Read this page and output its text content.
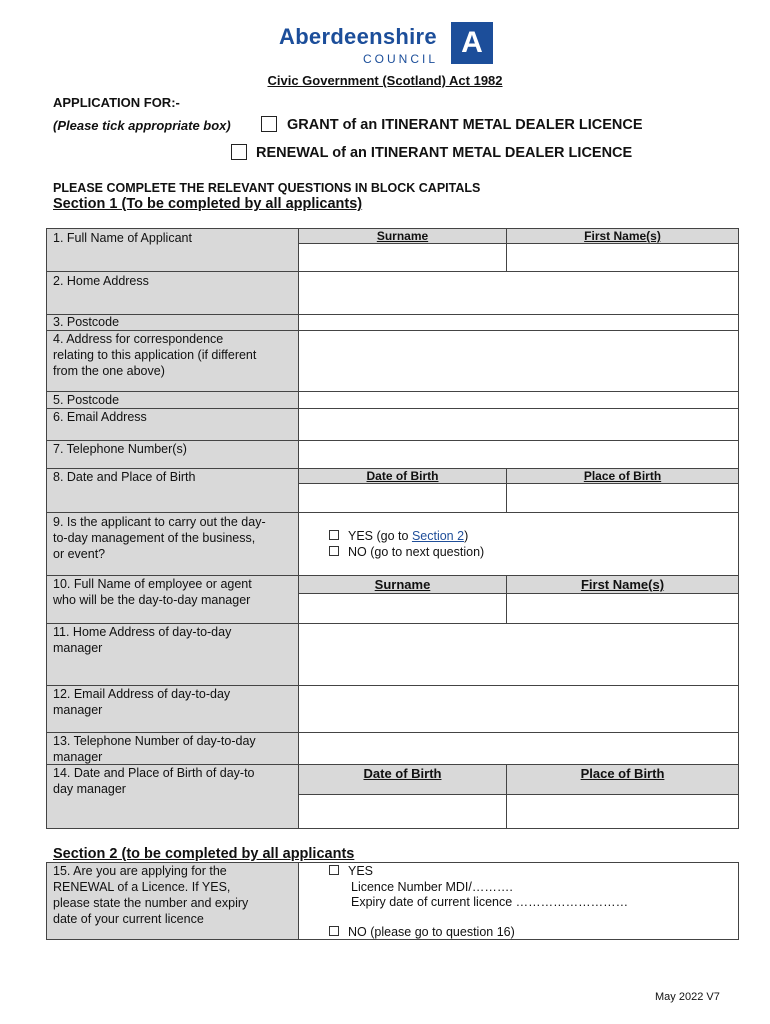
Aberdeenshire
COUNCIL A
Civic Government (Scotland) Act 1982
APPLICATION FOR:-
(Please tick appropriate box)	GRANT of an ITINERANT METAL DEALER LICENCE
RENEWAL of an ITINERANT METAL DEALER LICENCE
PLEASE COMPLETE THE RELEVANT QUESTIONS IN BLOCK CAPITALS
Section 1 (To be completed by all applicants)
1. Full Name of Applicant	Surname	First Name(s)
2. Home Address
3. Postcode
4. Address for correspondence
relating to this application (if different
from the one above)
5. Postcode
6. Email Address
7. Telephone Number(s)
8. Date and Place of Birth	Date of Birth	Place of Birth
9. Is the applicant to carry out the day-
to-day management of the business,
or event?
YES (go to Section 2)
NO (go to next question)
10. Full Name of employee or agent
who will be the day-to-day manager
Surname	First Name(s)
11. Home Address of day-to-day
manager
12. Email Address of day-to-day
manager
13. Telephone Number of day-to-day
manager
14. Date and Place of Birth of day-to
day manager
Date of Birth	Place of Birth
Section 2 (to be completed by all applicants
15. Are you are applying for the
RENEWAL of a Licence. If YES,
please state the number and expiry
date of your current licence
YES
Licence Number MDI/……….
Expiry date of current licence ………………………
NO (please go to question 16)
May 2022 V7
